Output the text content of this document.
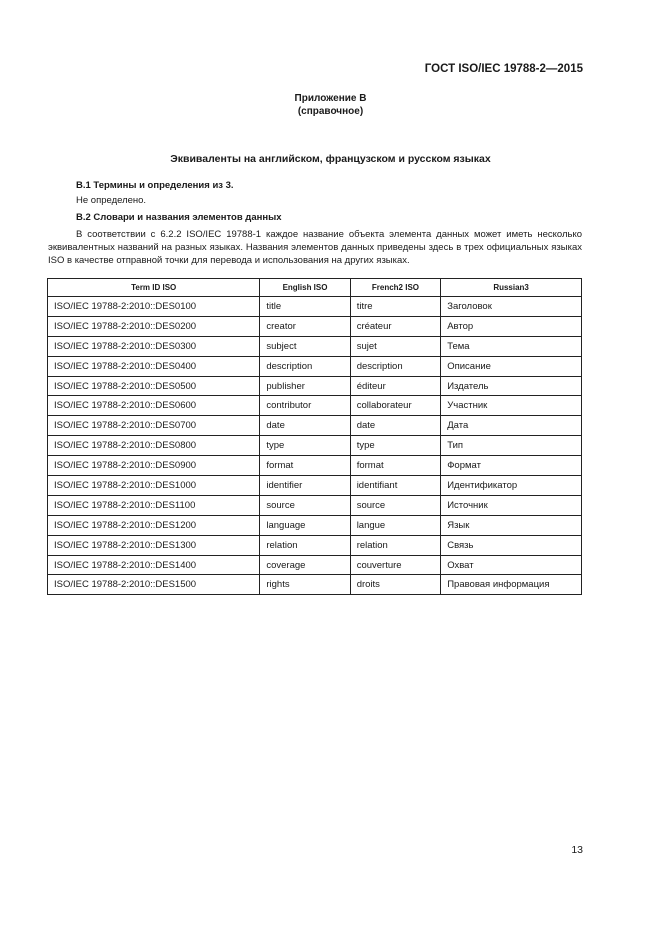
ГОСТ ISO/IEC 19788-2—2015
Приложение В
(справочное)
Эквиваленты на английском, французском и русском языках
В.1 Термины и определения из 3.
Не определено.
В.2 Словари и названия элементов данных
В соответствии с 6.2.2 ISO/IEC 19788-1 каждое название объекта элемента данных может иметь несколько эквивалентных названий на разных языках. Названия элементов данных приведены здесь в трех официальных языках ISO в качестве отправной точки для перевода и использования на других языках.
Term ID ISO	English ISO	French2 ISO	Russian3
ISO/IEC 19788-2:2010::DES0100	title	titre	Заголовок
ISO/IEC 19788-2:2010::DES0200	creator	créateur	Автор
ISO/IEC 19788-2:2010::DES0300	subject	sujet	Тема
ISO/IEC 19788-2:2010::DES0400	description	description	Описание
ISO/IEC 19788-2:2010::DES0500	publisher	éditeur	Издатель
ISO/IEC 19788-2:2010::DES0600	contributor	collaborateur	Участник
ISO/IEC 19788-2:2010::DES0700	date	date	Дата
ISO/IEC 19788-2:2010::DES0800	type	type	Тип
ISO/IEC 19788-2:2010::DES0900	format	format	Формат
ISO/IEC 19788-2:2010::DES1000	identifier	identifiant	Идентификатор
ISO/IEC 19788-2:2010::DES1100	source	source	Источник
ISO/IEC 19788-2:2010::DES1200	language	langue	Язык
ISO/IEC 19788-2:2010::DES1300	relation	relation	Связь
ISO/IEC 19788-2:2010::DES1400	coverage	couverture	Охват
ISO/IEC 19788-2:2010::DES1500	rights	droits	Правовая информация
13
